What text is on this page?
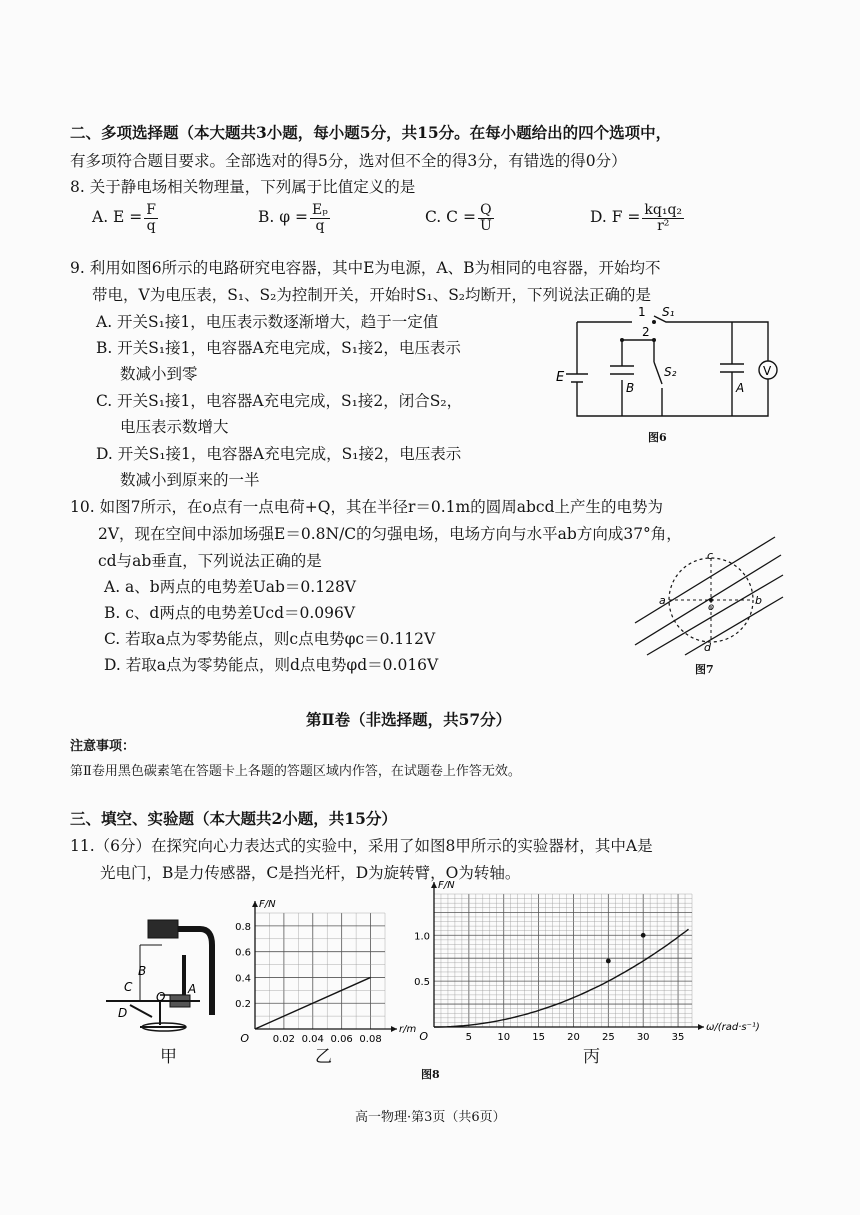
二、多项选择题（本大题共3小题，每小题5分，共15分。在每小题给出的四个选项中，
有多项符合题目要求。全部选对的得5分，选对但不全的得3分，有错选的得0分）
8. 关于静电场相关物理量，下列属于比值定义的是
A. $E = \frac{F}{q}$	B. $\varphi = \frac{\text{Eₚ}}{q}$	C. $C = \frac{Q}{U}$	D. $F = \frac{\text{kq₁q₂}}{\text{r²}}$
9. 利用如图6所示的电路研究电容器，其中E为电源，A、B为相同的电容器，开始均不
带电，V为电压表，S₁、S₂为控制开关，开始时S₁、S₂均断开，下列说法正确的是
A. 开关S₁接1，电压表示数逐渐增大，趋于一定值
B. 开关S₁接1，电容器A充电完成，S₁接2，电压表示
数减小到零
C. 开关S₁接1，电容器A充电完成，S₁接2，闭合S₂，
电压表示数增大
D. 开关S₁接1，电容器A充电完成，S₁接2，电压表示
数减小到原来的一半
1 S₁
2
E
B
S₂
A
V
图6
10. 如图7所示，在o点有一点电荷+Q，其在半径r＝0.1m的圆周abcd上产生的电势为
2V，现在空间中添加场强E＝0.8N/C的匀强电场，电场方向与水平ab方向成37°角，
cd与ab垂直，下列说法正确的是
A. a、b两点的电势差Uab＝0.128V
B. c、d两点的电势差Ucd＝0.096V
C. 若取a点为零势能点，则c点电势φc＝0.112V
D. 若取a点为零势能点，则d点电势φd＝0.016V
c
a
o
b
d
图7
第Ⅱ卷（非选择题，共57分）
注意事项：
第Ⅱ卷用黑色碳素笔在答题卡上各题的答题区域内作答，在试题卷上作答无效。
三、填空、实验题（本大题共2小题，共15分）
11.（6分）在探究向心力表达式的实验中，采用了如图8甲所示的实验器材，其中A是
光电门，B是力传感器，C是挡光杆，D为旋转臂，O为转轴。
B
C
O
A
D
甲
0.02 0.04 0.06 0.08
0.2
0.4
0.6
0.8
O
F/N
r/m
乙
5	10 15 20 25 30 35
0.5
1.0
O
F/N
ω/(rad·s⁻¹)
丙
图8
高一物理·第3页（共6页）
